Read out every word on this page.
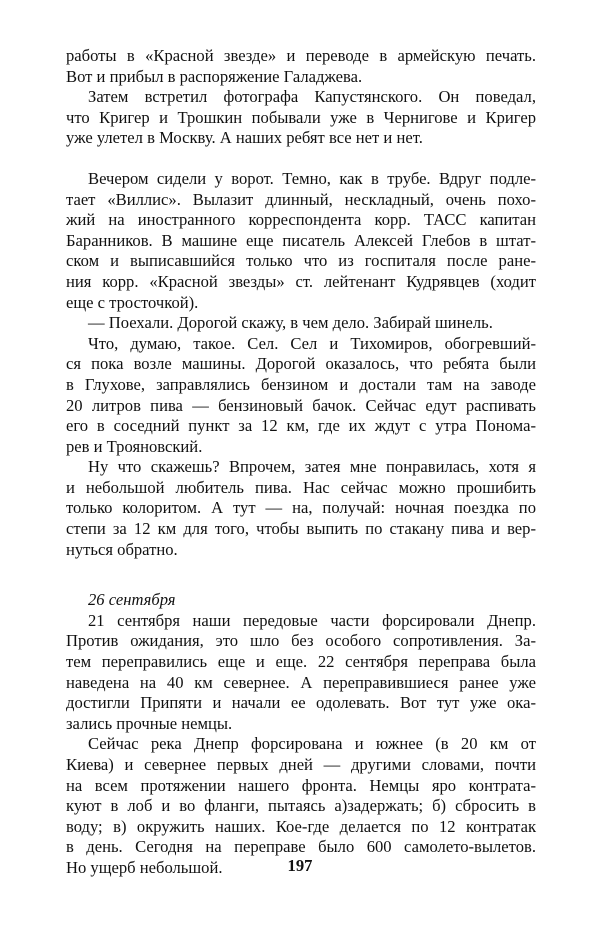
работы в «Красной звезде» и переводе в армейскую печать.
Вот и прибыл в распоряжение Галаджева.
Затем встретил фотографа Капустянского. Он поведал,
что Кригер и Трошкин побывали уже в Чернигове и Кригер
уже улетел в Москву. А наших ребят все нет и нет.
Вечером сидели у ворот. Темно, как в трубе. Вдруг подле-
тает «Виллис». Вылазит длинный, нескладный, очень похо-
жий на иностранного корреспондента корр. ТАСС капитан
Баранников. В машине еще писатель Алексей Глебов в штат-
ском и выписавшийся только что из госпиталя после ране-
ния корр. «Красной звезды» ст. лейтенант Кудрявцев (ходит
еще с тросточкой).
— Поехали. Дорогой скажу, в чем дело. Забирай шинель.
Что, думаю, такое. Сел. Сел и Тихомиров, обогревший-
ся пока возле машины. Дорогой оказалось, что ребята были
в Глухове, заправлялись бензином и достали там на заводе
20 литров пива — бензиновый бачок. Сейчас едут распивать
его в соседний пункт за 12 км, где их ждут с утра Пономa-
рев и Трояновский.
Ну что скажешь? Впрочем, затея мне понравилась, хотя я
и небольшой любитель пива. Нас сейчас можно прошибить
только колоритом. А тут — на, получай: ночная поездка по
степи за 12 км для того, чтобы выпить по стакану пива и вер-
нуться обратно.
26 сентября
21 сентября наши передовые части форсировали Днепр.
Против ожидания, это шло без особого сопротивления. За-
тем переправились еще и еще. 22 сентября переправа была
наведена на 40 км севернее. А переправившиеся ранее уже
достигли Припяти и начали ее одолевать. Вот тут уже ока-
зались прочные немцы.
Сейчас река Днепр форсирована и южнее (в 20 км от
Киева) и севернее первых дней — другими словами, почти
на всем протяжении нашего фронта. Немцы яро контрата-
куют в лоб и во фланги, пытаясь а)задержать; б) сбросить в
воду; в) окружить наших. Кое-где делается по 12 контратак
в день. Сегодня на переправе было 600 самолето-вылетов.
Но ущерб небольшой.	197
